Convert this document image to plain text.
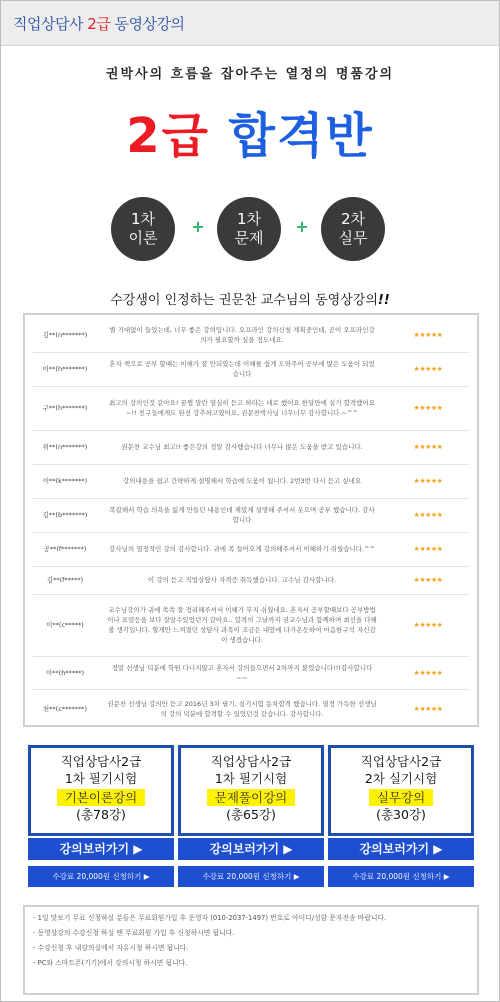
직업상담사 2급 동영상강의
권박사의 흐름을 잡아주는 열정의 명품강의
2급 합격반
1차
이론
+	1차
문제
+	2차
실무
수강생이 인정하는 권문찬 교수님의 동영상강의!!
김**(n*******)	별 기대없이 들었는데, 너무 좋은 강의입니다. 오프라인 강의신청 계획중인데, 곧이 오프라인강의가 필요할까 싶을 정도네요.	★★★★★
이**(h*******)	혼자 책으로 공부 할때는 이해가 잘 안되었는데 이해를 쉽게 도와주어 공부에 많은 도움이 되었습니다	★★★★★
구**(h*******)	최고의 강의인것 같아요! 꿈쩝 말란 열심히 듣고 하라는 대로 했어요 한달만에 실기 합격했어요~!! 친구들에게도 완전 강추하고있어요, 권문찬박사님 너무너무 감사합니다.~^^	★★★★★
위**(n*******)	권문찬 교수님 최고!! 좋은강의 정말 감사했습니다 너무나 많은 도움을 받고 있습니다.	★★★★★
이**(k*******)	강의내용을 쉽고 간략하게 설명해서 학습에 도움이 됩니다. 2번3번 다시 듣고 싶네요	★★★★★
김**(b*******)	복잡해서 학습 의욕을 잃게 만들던 내용인데 재밌게 설명해 주셔서 옷으며 공부 했습니다. 감사합니다	★★★★★
공**(f*******)	강사님의 열정적인 강의 감사합니다. 귀에 쏙 들어오게 강의해주셔서 이해하기 쉬웠습니다.^^	★★★★★
김**(f*****)	이 강의 듣고 직업상담사 자격증 취득했습니다. 교수님 감사합니다.	★★★★★
이**(c*****)	교수님강의가 귀에 쏙쏙 잘 정리해주셔서 이해가 무지 쉬웠네요. 혼자서 공부할때보다 공부방법이나 요령등을 보다 잘알수있었던거 같아요.. 합격의 그날까지 권교수님과 함께하며 최선을 다해볼 생각입니다. 혈게만 느껴졌던 상담사 과목이 조금은 내앞에 다가온듯하여 마음한구석 자신감이 생겼습니다.	★★★★★
이**(h*****)	정말 선생님 덕분에 학원 다니지않고 혼자서 강의들으면서 2차까지 붙었습니다!!!감사합니다~~	★★★★★
천**(c*******)	권문찬 선생님 강의만 듣고 2016년 3차 필기, 실기시험 동차합격 했습니다. 열정 가득한 선생님의 강의 덕분에 합격할 수 있었던것 같습니다. 감사합니다.	★★★★★
직업상담사2급
1차 필기시험
기본이론강의
(총78강)
직업상담사2급
1차 필기시험
문제풀이강의
(총65강)
직업상담사2급
2차 실기시험
실무강의
(총30강)
강의보러가기 ▶	강의보러가기 ▶	강의보러가기 ▶
수강료 20,000원 신청하기 ▶	수강료 20,000원 신청하기 ▶	수강료 20,000원 신청하기 ▶
- 1일 맛보기 무료 신청하실 분들은 무료회원가입 후 운영자 (010-2037-1497) 번호로 아이디/성함 문자전송 바랍니다.
- 동영상강의 수강신청 하실 땐 무료회원 가입 후 신청하시면 됩니다.
- 수강신청 후 내강의실에서 자유시청 하시면 됩니다.
- PC와 스마트폰(기기)에서 강의시청 하시면 됩니다.
